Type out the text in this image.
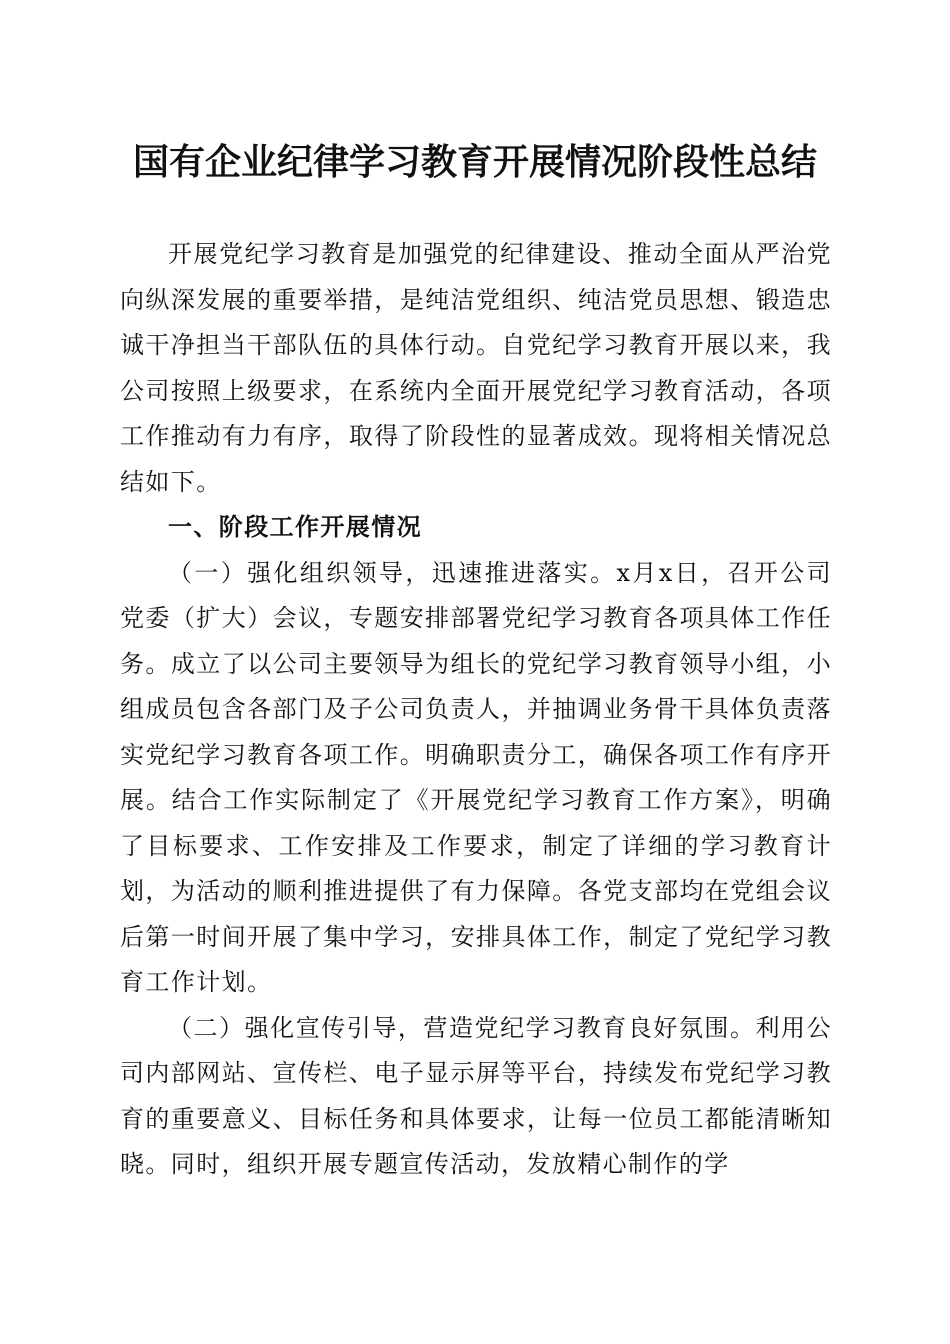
国有企业纪律学习教育开展情况阶段性总结

开展党纪学习教育是加强党的纪律建设、推动全面从严治党向纵深发展的重要举措，是纯洁党组织、纯洁党员思想、锻造忠诚干净担当干部队伍的具体行动。自党纪学习教育开展以来，我公司按照上级要求，在系统内全面开展党纪学习教育活动，各项工作推动有力有序，取得了阶段性的显著成效。现将相关情况总结如下。

一、阶段工作开展情况

（一）强化组织领导，迅速推进落实。x月x日，召开公司党委（扩大）会议，专题安排部署党纪学习教育各项具体工作任务。成立了以公司主要领导为组长的党纪学习教育领导小组，小组成员包含各部门及子公司负责人，并抽调业务骨干具体负责落实党纪学习教育各项工作。明确职责分工，确保各项工作有序开展。结合工作实际制定了《开展党纪学习教育工作方案》，明确了目标要求、工作安排及工作要求，制定了详细的学习教育计划，为活动的顺利推进提供了有力保障。各党支部均在党组会议后第一时间开展了集中学习，安排具体工作，制定了党纪学习教育工作计划。

（二）强化宣传引导，营造党纪学习教育良好氛围。利用公司内部网站、宣传栏、电子显示屏等平台，持续发布党纪学习教育的重要意义、目标任务和具体要求，让每一位员工都能清晰知晓。同时，组织开展专题宣传活动，发放精心制作的学
